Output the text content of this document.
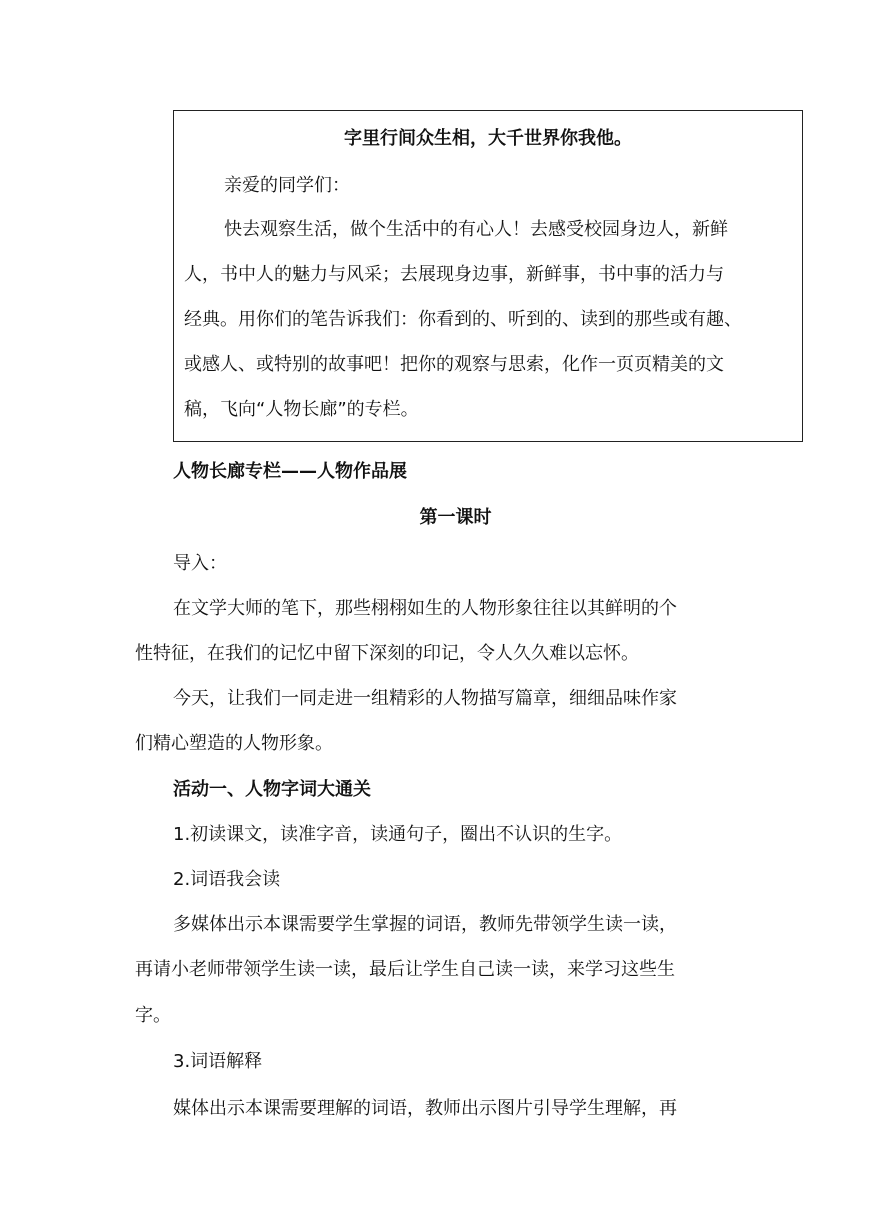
字里行间众生相，大千世界你我他。
亲爱的同学们：
快去观察生活，做个生活中的有心人！去感受校园身边人，新鲜
人，书中人的魅力与风采；去展现身边事，新鲜事，书中事的活力与
经典。用你们的笔告诉我们：你看到的、听到的、读到的那些或有趣、
或感人、或特别的故事吧！把你的观察与思索，化作一页页精美的文
稿，飞向“人物长廊”的专栏。
人物长廊专栏——人物作品展
第一课时
导入：
在文学大师的笔下，那些栩栩如生的人物形象往往以其鲜明的个
性特征，在我们的记忆中留下深刻的印记，令人久久难以忘怀。
今天，让我们一同走进一组精彩的人物描写篇章，细细品味作家
们精心塑造的人物形象。
活动一、人物字词大通关
1.初读课文，读准字音，读通句子，圈出不认识的生字。
2.词语我会读
多媒体出示本课需要学生掌握的词语，教师先带领学生读一读，
再请小老师带领学生读一读，最后让学生自己读一读，来学习这些生
字。
3.词语解释
媒体出示本课需要理解的词语，教师出示图片引导学生理解，再
